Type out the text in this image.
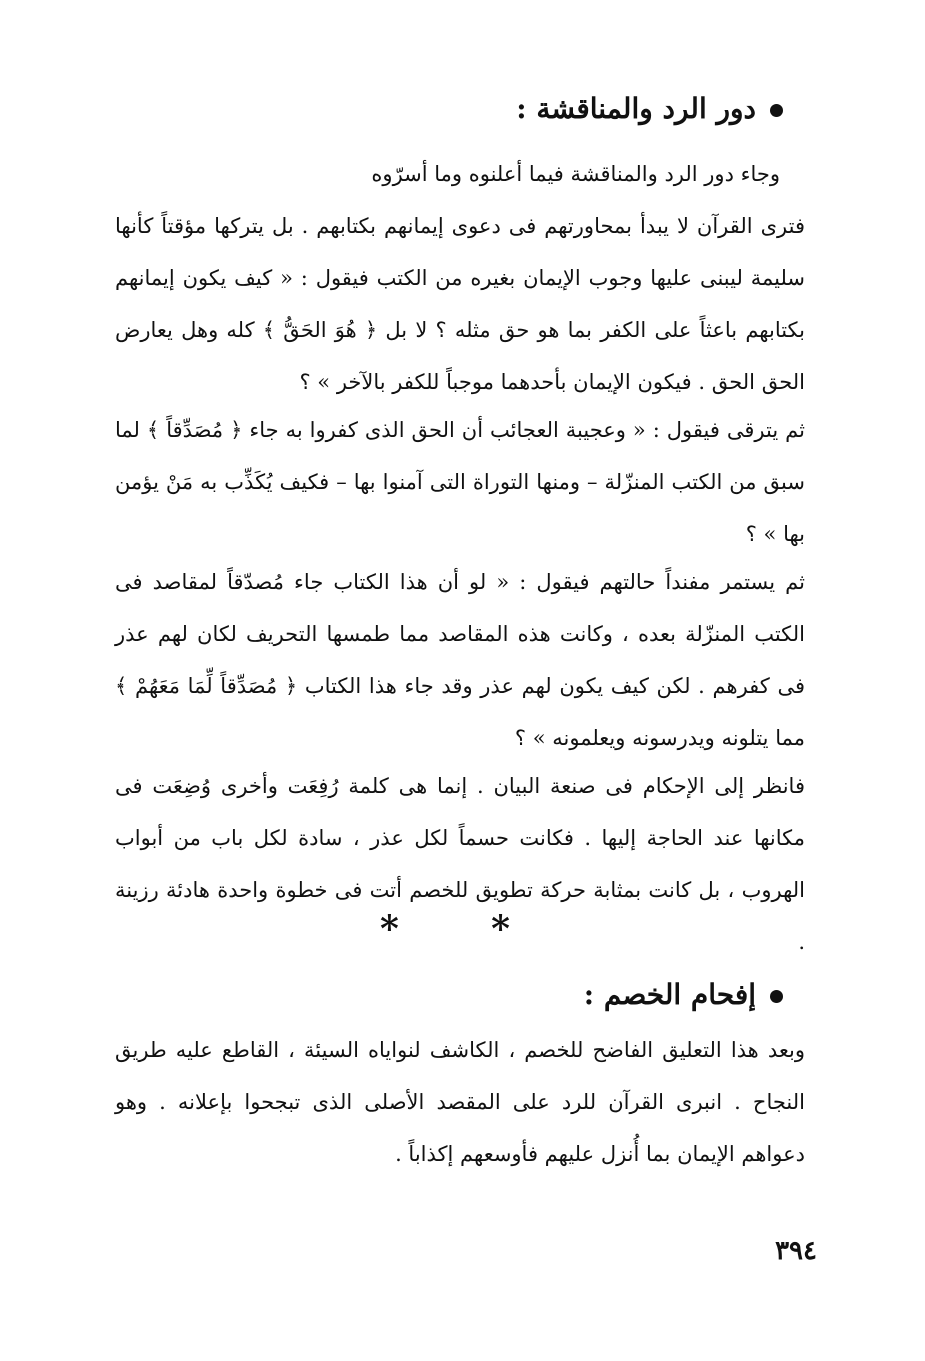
دور الرد والمناقشة :
وجاء دور الرد والمناقشة فيما أعلنوه وما أسرّوه
فترى القرآن لا يبدأ بمحاورتهم فى دعوى إيمانهم بكتابهم . بل يتركها مؤقتاً كأنها سليمة ليبنى عليها وجوب الإيمان بغيره من الكتب فيقول : « كيف يكون إيمانهم بكتابهم باعثاً على الكفر بما هو حق مثله ؟ لا بل ﴿ هُوَ الحَقُّ ﴾ كله وهل يعارض الحق الحق . فيكون الإيمان بأحدهما موجباً للكفر بالآخر » ؟
ثم يترقى فيقول : « وعجيبة العجائب أن الحق الذى كفروا به جاء ﴿ مُصَدِّقاً ﴾ لما سبق من الكتب المنزّلة – ومنها التوراة التى آمنوا بها – فكيف يُكَذِّب به مَنْ يؤمن بها » ؟
ثم يستمر مفنداً حالتهم فيقول : « لو أن هذا الكتاب جاء مُصدّقاً لمقاصد فى الكتب المنزّلة بعده ، وكانت هذه المقاصد مما طمسها التحريف لكان لهم عذر فى كفرهم . لكن كيف يكون لهم عذر وقد جاء هذا الكتاب ﴿ مُصَدِّقاً لِّمَا مَعَهُمْ ﴾ مما يتلونه ويدرسونه ويعلمونه » ؟
فانظر إلى الإحكام فى صنعة البيان . إنما هى كلمة رُفِعَت وأخرى وُضِعَت فى مكانها عند الحاجة إليها . فكانت حسماً لكل عذر ، سادة لكل باب من أبواب الهروب ، بل كانت بمثابة حركة تطويق للخصم أتت فى خطوة واحدة هادئة رزينة .
*	*
إفحام الخصم :
وبعد هذا التعليق الفاضح للخصم ، الكاشف لنواياه السيئة ، القاطع عليه طريق النجاح . انبرى القرآن للرد على المقصد الأصلى الذى تبجحوا بإعلانه . وهو دعواهم الإيمان بما أُنزل عليهم فأوسعهم إكذاباً .
٣٩٤
